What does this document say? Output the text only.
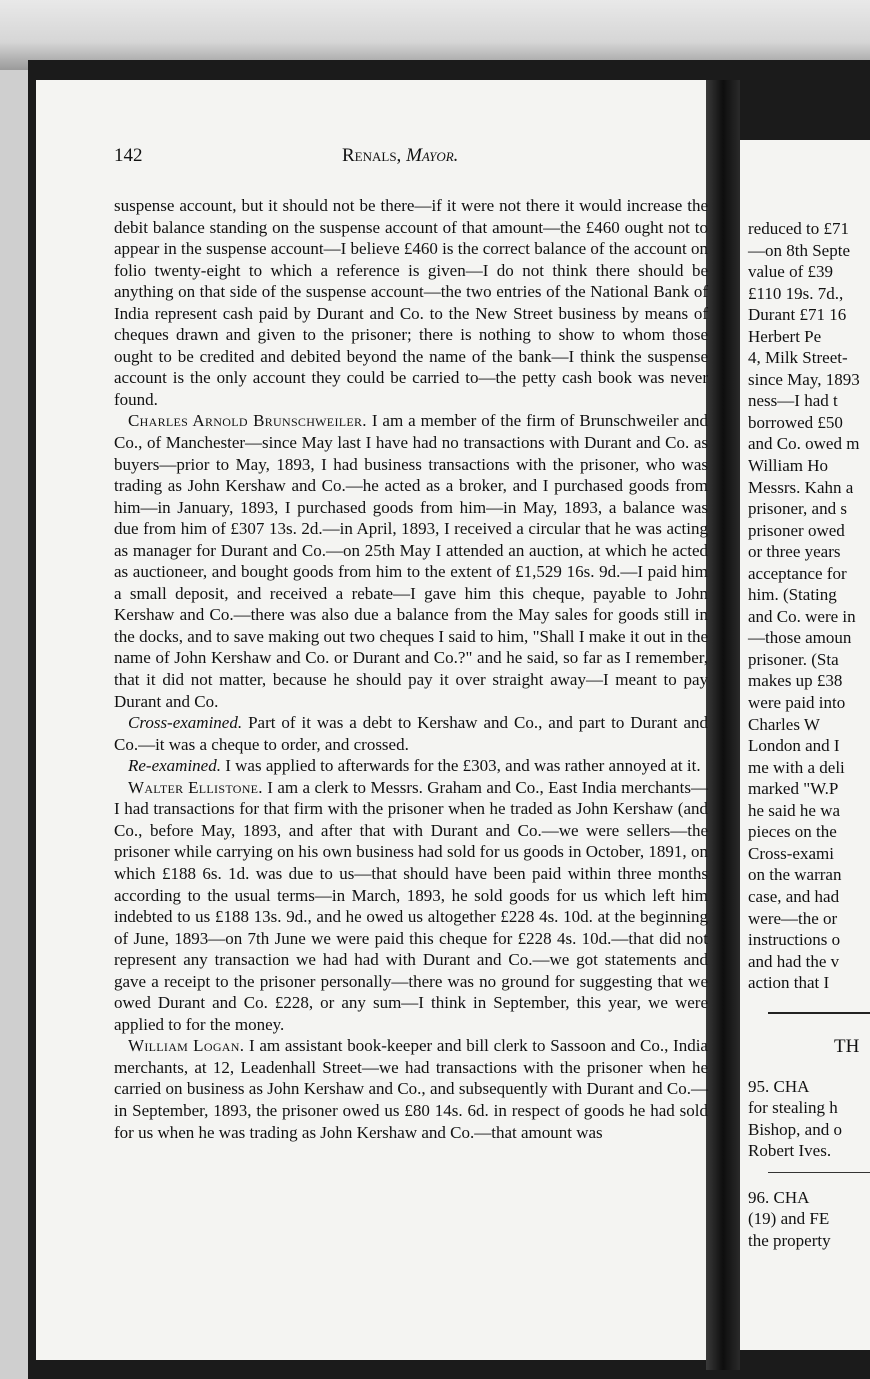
142	Renals, Mayor.

suspense account, but it should not be there—if it were not there it would increase the debit balance standing on the suspense account of that amount—the £460 ought not to appear in the suspense account—I believe £460 is the correct balance of the account on folio twenty-eight to which a reference is given—I do not think there should be anything on that side of the suspense account—the two entries of the National Bank of India represent cash paid by Durant and Co. to the New Street business by means of cheques drawn and given to the prisoner; there is nothing to show to whom those ought to be credited and debited beyond the name of the bank—I think the suspense account is the only account they could be carried to—the petty cash book was never found.

Charles Arnold Brunschweiler. I am a member of the firm of Brunschweiler and Co., of Manchester—since May last I have had no transactions with Durant and Co. as buyers—prior to May, 1893, I had business transactions with the prisoner, who was trading as John Kershaw and Co.—he acted as a broker, and I purchased goods from him—in January, 1893, I purchased goods from him—in May, 1893, a balance was due from him of £307 13s. 2d.—in April, 1893, I received a circular that he was acting as manager for Durant and Co.—on 25th May I attended an auction, at which he acted as auctioneer, and bought goods from him to the extent of £1,529 16s. 9d.—I paid him a small deposit, and received a rebate—I gave him this cheque, payable to John Kershaw and Co.—there was also due a balance from the May sales for goods still in the docks, and to save making out two cheques I said to him, "Shall I make it out in the name of John Kershaw and Co. or Durant and Co.?" and he said, so far as I remember, that it did not matter, because he should pay it over straight away—I meant to pay Durant and Co.

Cross-examined. Part of it was a debt to Kershaw and Co., and part to Durant and Co.—it was a cheque to order, and crossed.

Re-examined. I was applied to afterwards for the £303, and was rather annoyed at it.

Walter Ellistone. I am a clerk to Messrs. Graham and Co., East India merchants—I had transactions for that firm with the prisoner when he traded as John Kershaw (and Co., before May, 1893, and after that with Durant and Co.—we were sellers—the prisoner while carrying on his own business had sold for us goods in October, 1891, on which £188 6s. 1d. was due to us—that should have been paid within three months according to the usual terms—in March, 1893, he sold goods for us which left him indebted to us £188 13s. 9d., and he owed us altogether £228 4s. 10d. at the beginning of June, 1893—on 7th June we were paid this cheque for £228 4s. 10d.—that did not represent any transaction we had had with Durant and Co.—we got statements and gave a receipt to the prisoner personally—there was no ground for suggesting that we owed Durant and Co. £228, or any sum—I think in September, this year, we were applied to for the money.

William Logan. I am assistant book-keeper and bill clerk to Sassoon and Co., India merchants, at 12, Leadenhall Street—we had transactions with the prisoner when he carried on business as John Kershaw and Co., and subsequently with Durant and Co.—in September, 1893, the prisoner owed us £80 14s. 6d. in respect of goods he had sold for us when he was trading as John Kershaw and Co.—that amount was

reduced to £71
—on 8th Septe
value of £39
£110 19s. 7d.,
Durant £71 16
Herbert Pe
4, Milk Street-
since May, 1893
ness—I had t
borrowed £50
and Co. owed m
William Ho
Messrs. Kahn a
prisoner, and s
prisoner owed
or three years
acceptance for
him. (Stating
and Co. were in
—those amoun
prisoner. (Sta
makes up £38
were paid into
Charles W
London and I
me with a deli
marked "W.P
he said he wa
pieces on the
Cross-exami
on the warran
case, and had
were—the or
instructions o
and had the v
action that I
TH
95. CHA
for stealing h
Bishop, and o
Robert Ives.
96. CHA
(19) and FE
the property
